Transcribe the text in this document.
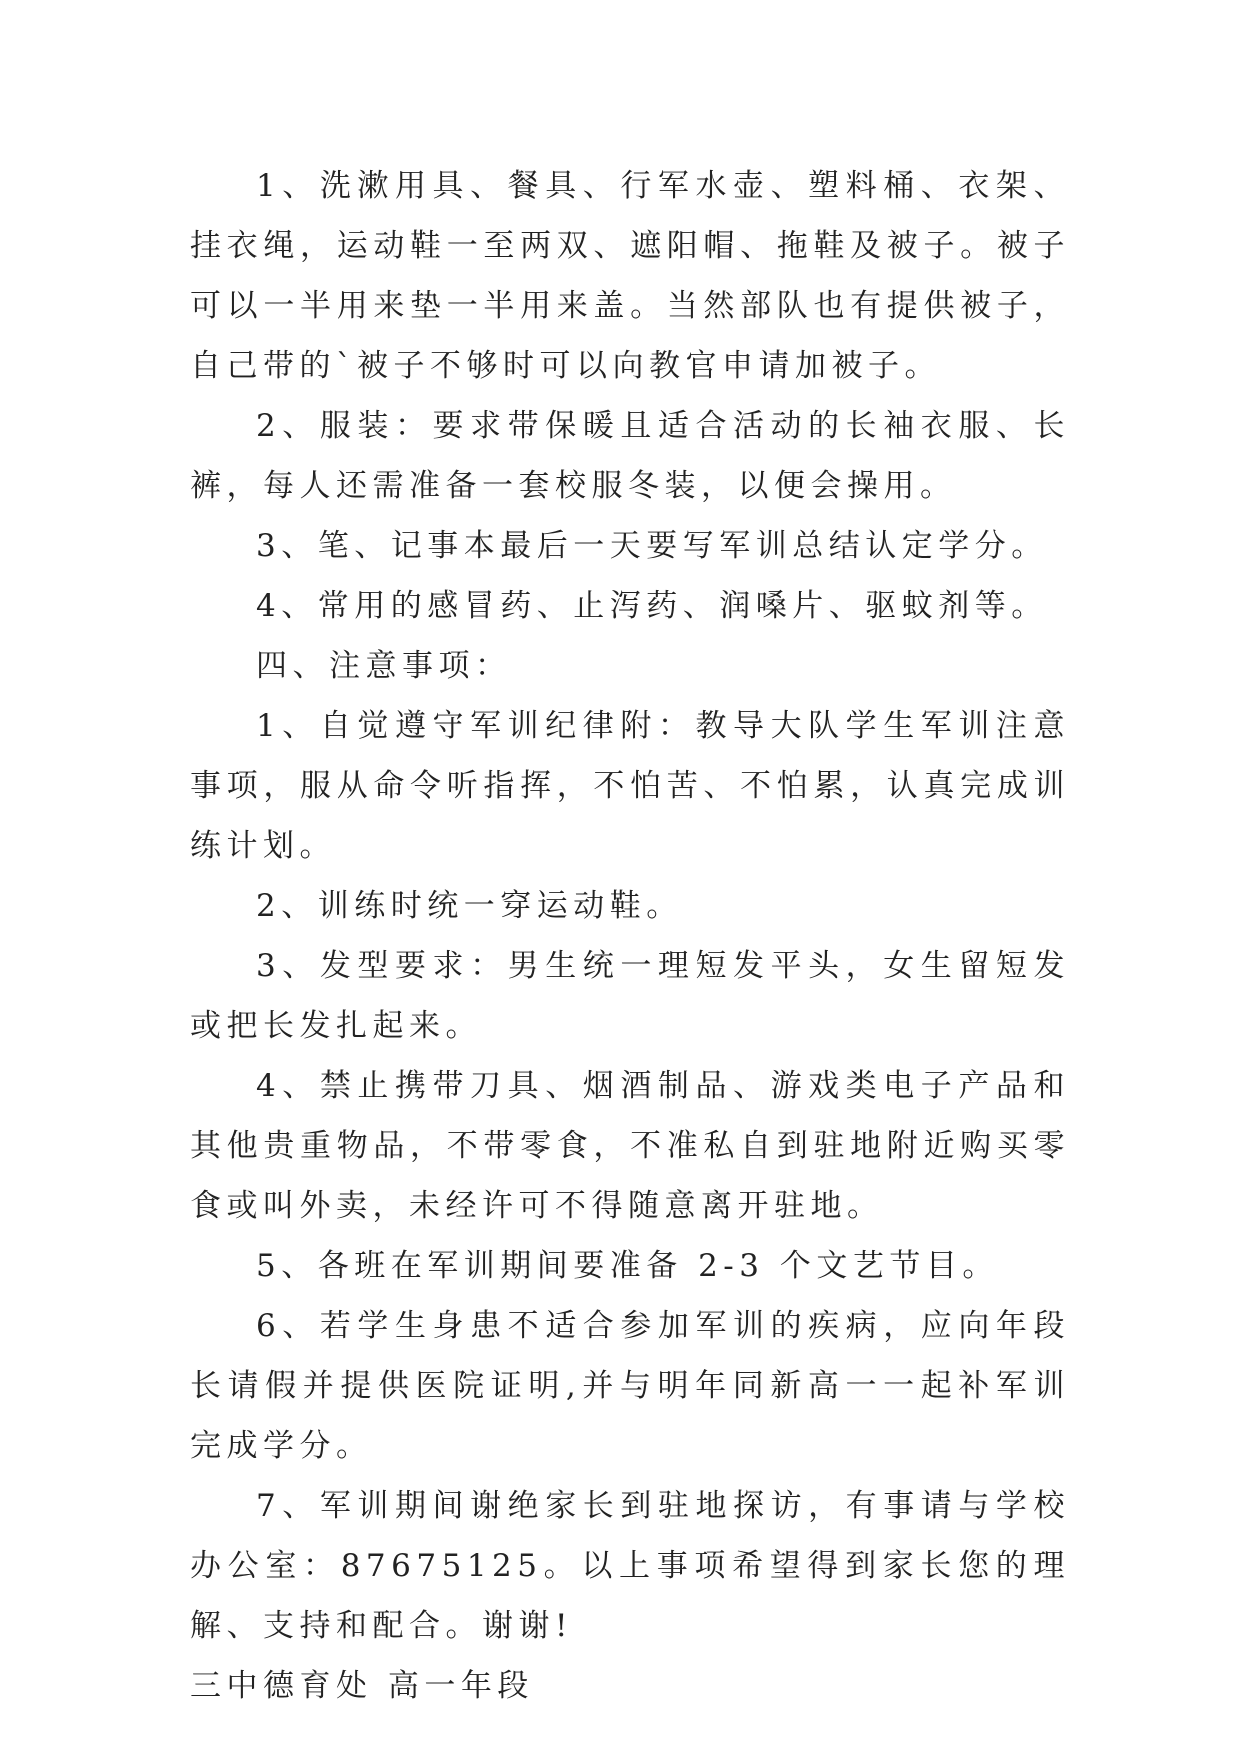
1、洗漱用具、餐具、行军水壶、塑料桶、衣架、挂衣绳，运动鞋一至两双、遮阳帽、拖鞋及被子。被子可以一半用来垫一半用来盖。当然部队也有提供被子，自己带的`被子不够时可以向教官申请加被子。

2、服装：要求带保暖且适合活动的长袖衣服、长裤，每人还需准备一套校服冬装，以便会操用。

3、笔、记事本最后一天要写军训总结认定学分。

4、常用的感冒药、止泻药、润嗓片、驱蚊剂等。

四、注意事项：

1、自觉遵守军训纪律附：教导大队学生军训注意事项，服从命令听指挥，不怕苦、不怕累，认真完成训练计划。

2、训练时统一穿运动鞋。

3、发型要求：男生统一理短发平头，女生留短发或把长发扎起来。

4、禁止携带刀具、烟酒制品、游戏类电子产品和其他贵重物品，不带零食，不准私自到驻地附近购买零食或叫外卖，未经许可不得随意离开驻地。

5、各班在军训期间要准备 2-3 个文艺节目。

6、若学生身患不适合参加军训的疾病，应向年段长请假并提供医院证明,并与明年同新高一一起补军训完成学分。

7、军训期间谢绝家长到驻地探访，有事请与学校办公室：87675125。以上事项希望得到家长您的理解、支持和配合。谢谢!

三中德育处 高一年段
